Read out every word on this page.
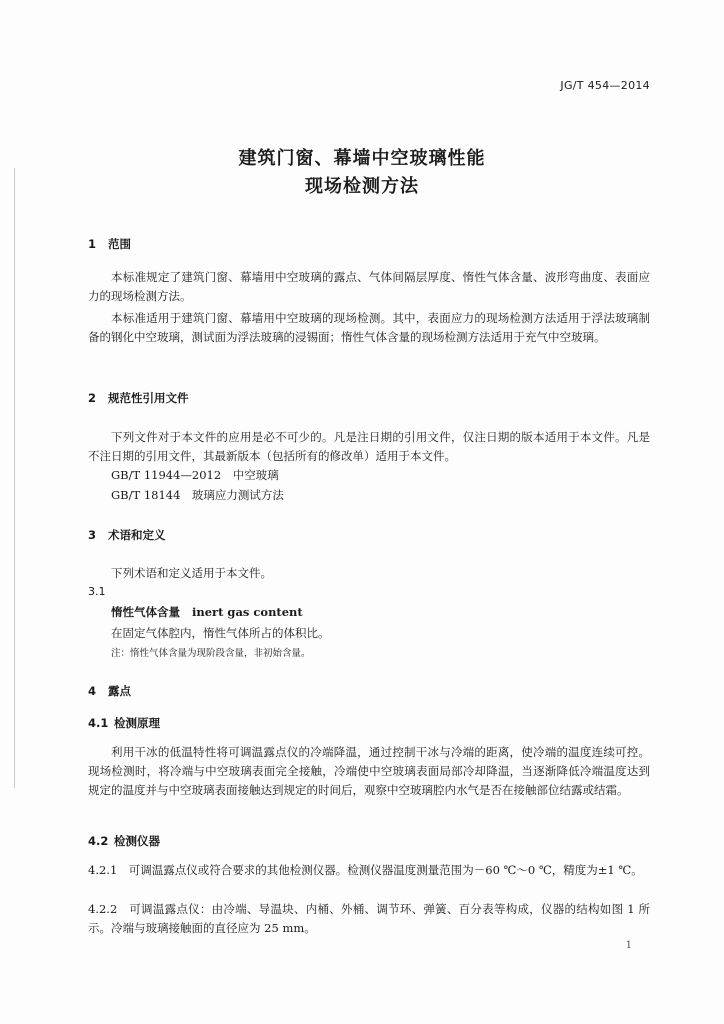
JG/T 454—2014
建筑门窗、幕墙中空玻璃性能
现场检测方法
1 范围
本标准规定了建筑门窗、幕墙用中空玻璃的露点、气体间隔层厚度、惰性气体含量、波形弯曲度、表面应力的现场检测方法。
本标准适用于建筑门窗、幕墙用中空玻璃的现场检测。其中，表面应力的现场检测方法适用于浮法玻璃制备的钢化中空玻璃，测试面为浮法玻璃的浸锡面；惰性气体含量的现场检测方法适用于充气中空玻璃。
2 规范性引用文件
下列文件对于本文件的应用是必不可少的。凡是注日期的引用文件，仅注日期的版本适用于本文件。凡是不注日期的引用文件，其最新版本（包括所有的修改单）适用于本文件。
GB/T 11944—2012　中空玻璃
GB/T 18144　玻璃应力测试方法
3 术语和定义
下列术语和定义适用于本文件。
3.1
惰性气体含量 inert gas content
在固定气体腔内，惰性气体所占的体积比。
注：惰性气体含量为现阶段含量，非初始含量。
4 露点
4.1 检测原理
利用干冰的低温特性将可调温露点仪的冷端降温，通过控制干冰与冷端的距离，使冷端的温度连续可控。现场检测时，将冷端与中空玻璃表面完全接触，冷端使中空玻璃表面局部冷却降温，当逐渐降低冷端温度达到规定的温度并与中空玻璃表面接触达到规定的时间后，观察中空玻璃腔内水气是否在接触部位结露或结霜。
4.2 检测仪器
4.2.1　可调温露点仪或符合要求的其他检测仪器。检测仪器温度测量范围为－60 ℃～0 ℃，精度为±1 ℃。
4.2.2　可调温露点仪：由冷端、导温块、内桶、外桶、调节环、弹簧、百分表等构成，仪器的结构如图 1 所示。冷端与玻璃接触面的直径应为 25 mm。
1
